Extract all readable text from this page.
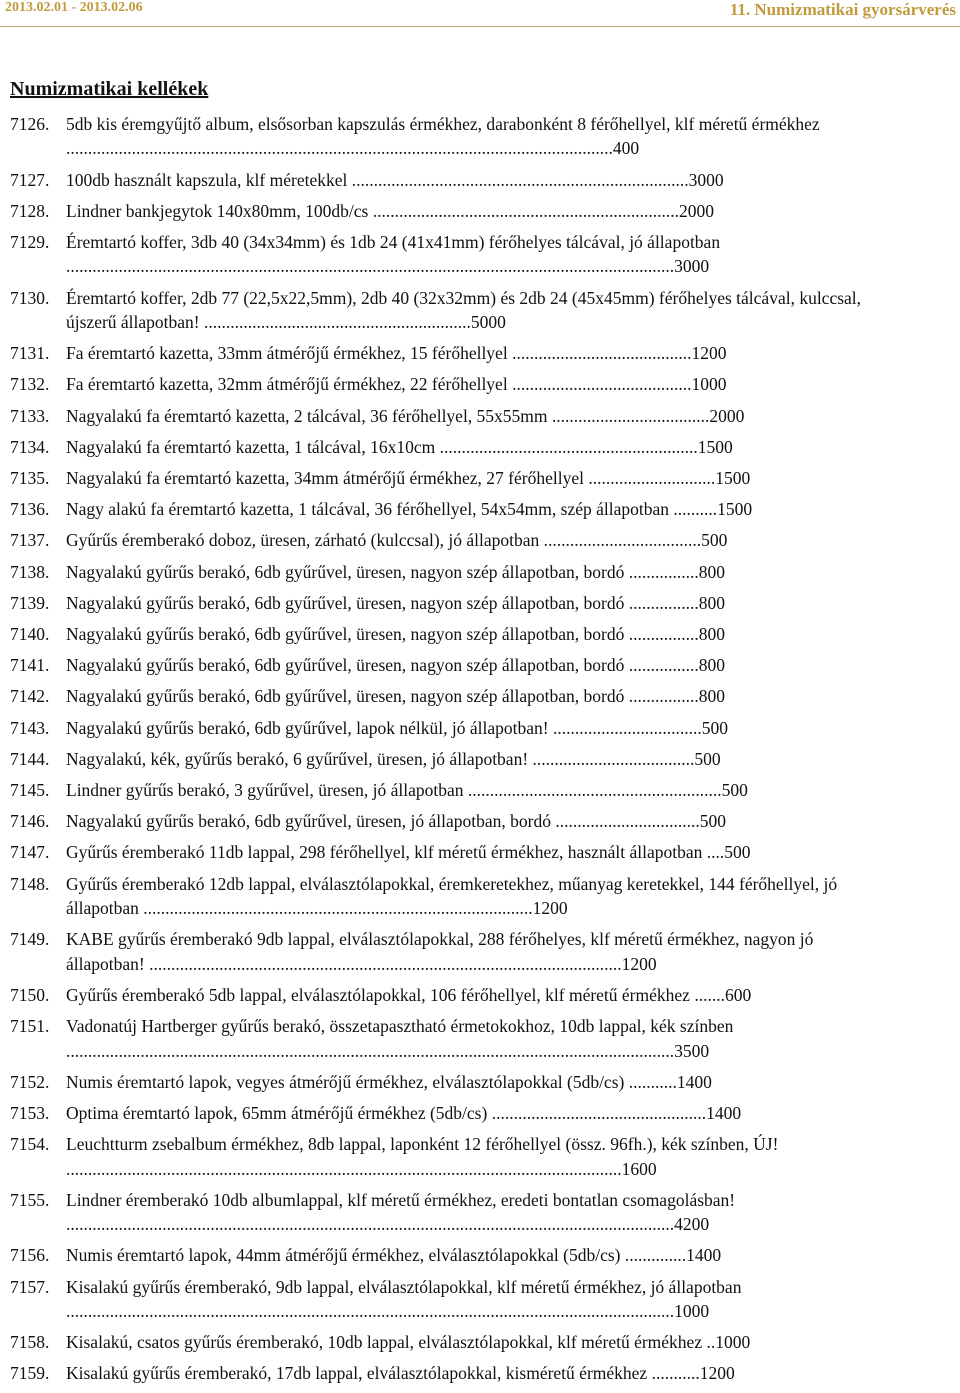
2013.02.01 - 2013.02.06	11. Numizmatikai gyorsárverés
Numizmatikai kellékek
7126. 5db kis éremgyűjtő album, elsősorban kapszulás érmékhez, darabonként 8 férőhellyel, klf méretű érmékhez .............................................................................................................................400
7127. 100db használt kapszula, klf méretekkel .............................................................................3000
7128. Lindner bankjegytok 140x80mm, 100db/cs ......................................................................2000
7129. Éremtartó koffer, 3db 40 (34x34mm) és 1db 24 (41x41mm) férőhelyes tálcával, jó állapotban ...........................................................................................................................................3000
7130. Éremtartó koffer, 2db 77 (22,5x22,5mm), 2db 40 (32x32mm) és 2db 24 (45x45mm) férőhelyes tálcával, kulccsal, újszerű állapotban! .............................................................5000
7131. Fa éremtartó kazetta, 33mm átmérőjű érmékhez, 15 férőhellyel .........................................1200
7132. Fa éremtartó kazetta, 32mm átmérőjű érmékhez, 22 férőhellyel .........................................1000
7133. Nagyalakú fa éremtartó kazetta, 2 tálcával, 36 férőhellyel, 55x55mm ....................................2000
7134. Nagyalakú fa éremtartó kazetta, 1 tálcával, 16x10cm ...........................................................1500
7135. Nagyalakú fa éremtartó kazetta, 34mm átmérőjű érmékhez, 27 férőhellyel .............................1500
7136. Nagy alakú fa éremtartó kazetta, 1 tálcával, 36 férőhellyel, 54x54mm, szép állapotban ..........1500
7137. Gyűrűs éremberakó doboz, üresen, zárható (kulccsal), jó állapotban ....................................500
7138. Nagyalakú gyűrűs berakó, 6db gyűrűvel, üresen, nagyon szép állapotban, bordó ................800
7139. Nagyalakú gyűrűs berakó, 6db gyűrűvel, üresen, nagyon szép állapotban, bordó ................800
7140. Nagyalakú gyűrűs berakó, 6db gyűrűvel, üresen, nagyon szép állapotban, bordó ................800
7141. Nagyalakú gyűrűs berakó, 6db gyűrűvel, üresen, nagyon szép állapotban, bordó ................800
7142. Nagyalakú gyűrűs berakó, 6db gyűrűvel, üresen, nagyon szép állapotban, bordó ................800
7143. Nagyalakú gyűrűs berakó, 6db gyűrűvel, lapok nélkül, jó állapotban! ..................................500
7144. Nagyalakú, kék, gyűrűs berakó, 6 gyűrűvel, üresen, jó állapotban! .....................................500
7145. Lindner gyűrűs berakó, 3 gyűrűvel, üresen, jó állapotban ..........................................................500
7146. Nagyalakú gyűrűs berakó, 6db gyűrűvel, üresen, jó állapotban, bordó .................................500
7147. Gyűrűs éremberakó 11db lappal, 298 férőhellyel, klf méretű érmékhez, használt állapotban ....500
7148. Gyűrűs éremberakó 12db lappal, elválasztólapokkal, éremkeretekhez, műanyag keretekkel, 144 férőhellyel, jó állapotban .........................................................................................1200
7149. KABE gyűrűs éremberakó 9db lappal, elválasztólapokkal, 288 férőhelyes, klf méretű érmékhez, nagyon jó állapotban! ............................................................................................................1200
7150. Gyűrűs éremberakó 5db lappal, elválasztólapokkal, 106 férőhellyel, klf méretű érmékhez .......600
7151. Vadonatúj Hartberger gyűrűs berakó, összetapasztható érmetokokhoz, 10db lappal, kék színben ...........................................................................................................................................3500
7152. Numis éremtartó lapok, vegyes átmérőjű érmékhez, elválasztólapokkal (5db/cs) ...........1400
7153. Optima éremtartó lapok, 65mm átmérőjű érmékhez (5db/cs) .................................................1400
7154. Leuchtturm zsebalbum érmékhez, 8db lappal, laponként 12 férőhellyel (össz. 96fh.), kék színben, ÚJ! ...............................................................................................................................1600
7155. Lindner éremberakó 10db albumlappal, klf méretű érmékhez, eredeti bontatlan csomagolásban! ...........................................................................................................................................4200
7156. Numis éremtartó lapok, 44mm átmérőjű érmékhez, elválasztólapokkal (5db/cs) ..............1400
7157. Kisalakú gyűrűs éremberakó, 9db lappal, elválasztólapokkal, klf méretű érmékhez, jó állapotban ...........................................................................................................................................1000
7158. Kisalakú, csatos gyűrűs éremberakó, 10db lappal, elválasztólapokkal, klf méretű érmékhez ..1000
7159. Kisalakú gyűrűs éremberakó, 17db lappal, elválasztólapokkal, kisméretű érmékhez ...........1200
